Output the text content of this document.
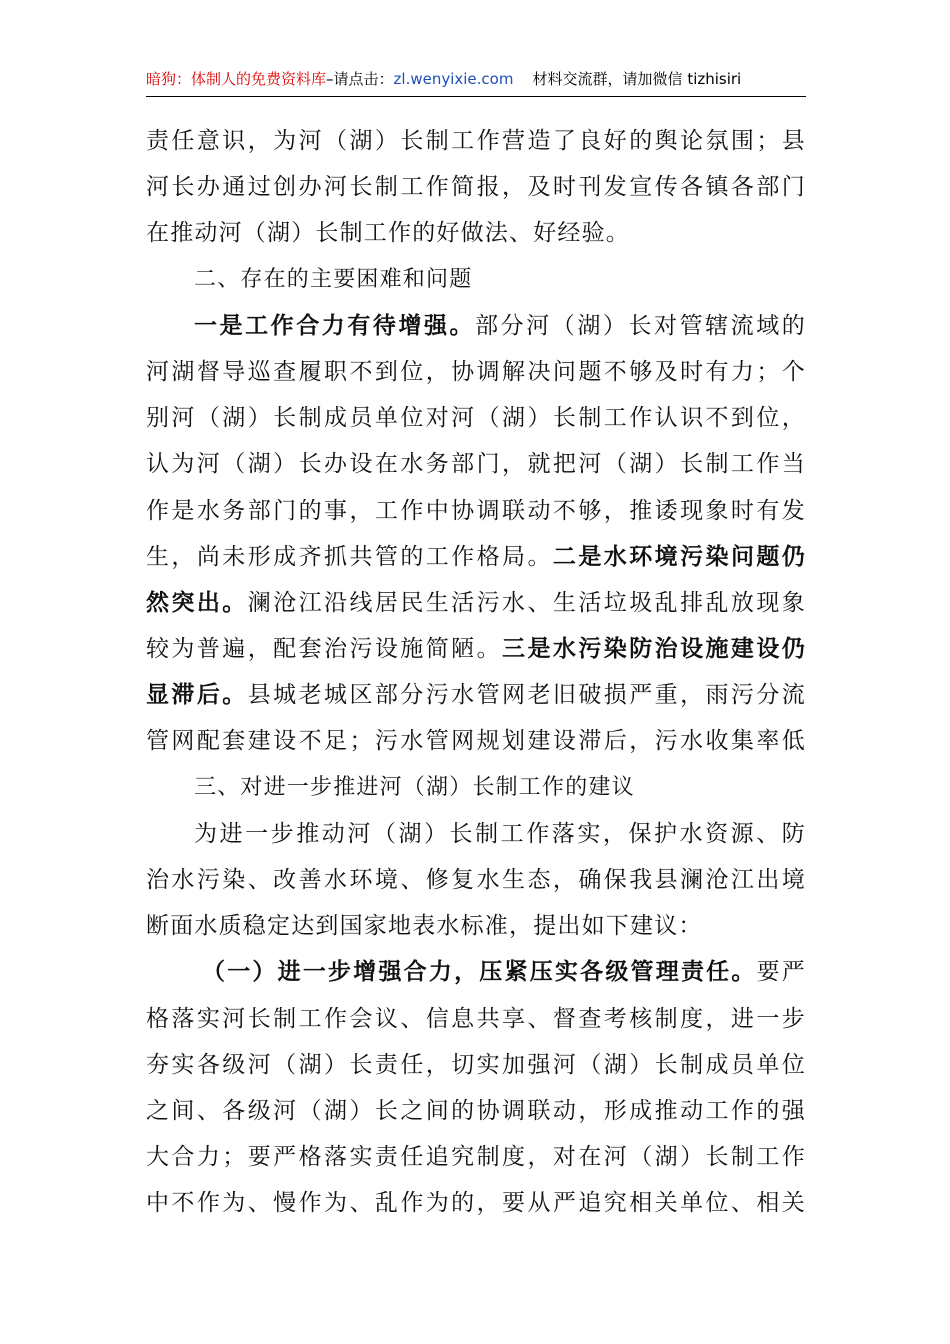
暗狗：体制人的免费资料库–请点击：zl.wenyixie.com 材料交流群，请加微信 tizhisiri
责任意识，为河（湖）长制工作营造了良好的舆论氛围；县
河长办通过创办河长制工作简报，及时刊发宣传各镇各部门
在推动河（湖）长制工作的好做法、好经验。
二、存在的主要困难和问题
一是工作合力有待增强。部分河（湖）长对管辖流域的
河湖督导巡查履职不到位，协调解决问题不够及时有力；个
别河（湖）长制成员单位对河（湖）长制工作认识不到位，
认为河（湖）长办设在水务部门，就把河（湖）长制工作当
作是水务部门的事，工作中协调联动不够，推诿现象时有发
生，尚未形成齐抓共管的工作格局。二是水环境污染问题仍
然突出。澜沧江沿线居民生活污水、生活垃圾乱排乱放现象
较为普遍，配套治污设施简陋。三是水污染防治设施建设仍
显滞后。县城老城区部分污水管网老旧破损严重，雨污分流
管网配套建设不足；污水管网规划建设滞后，污水收集率低
三、对进一步推进河（湖）长制工作的建议
为进一步推动河（湖）长制工作落实，保护水资源、防
治水污染、改善水环境、修复水生态，确保我县澜沧江出境
断面水质稳定达到国家地表水标准，提出如下建议：
（一）进一步增强合力，压紧压实各级管理责任。要严
格落实河长制工作会议、信息共享、督查考核制度，进一步
夯实各级河（湖）长责任，切实加强河（湖）长制成员单位
之间、各级河（湖）长之间的协调联动，形成推动工作的强
大合力；要严格落实责任追究制度，对在河（湖）长制工作
中不作为、慢作为、乱作为的，要从严追究相关单位、相关
